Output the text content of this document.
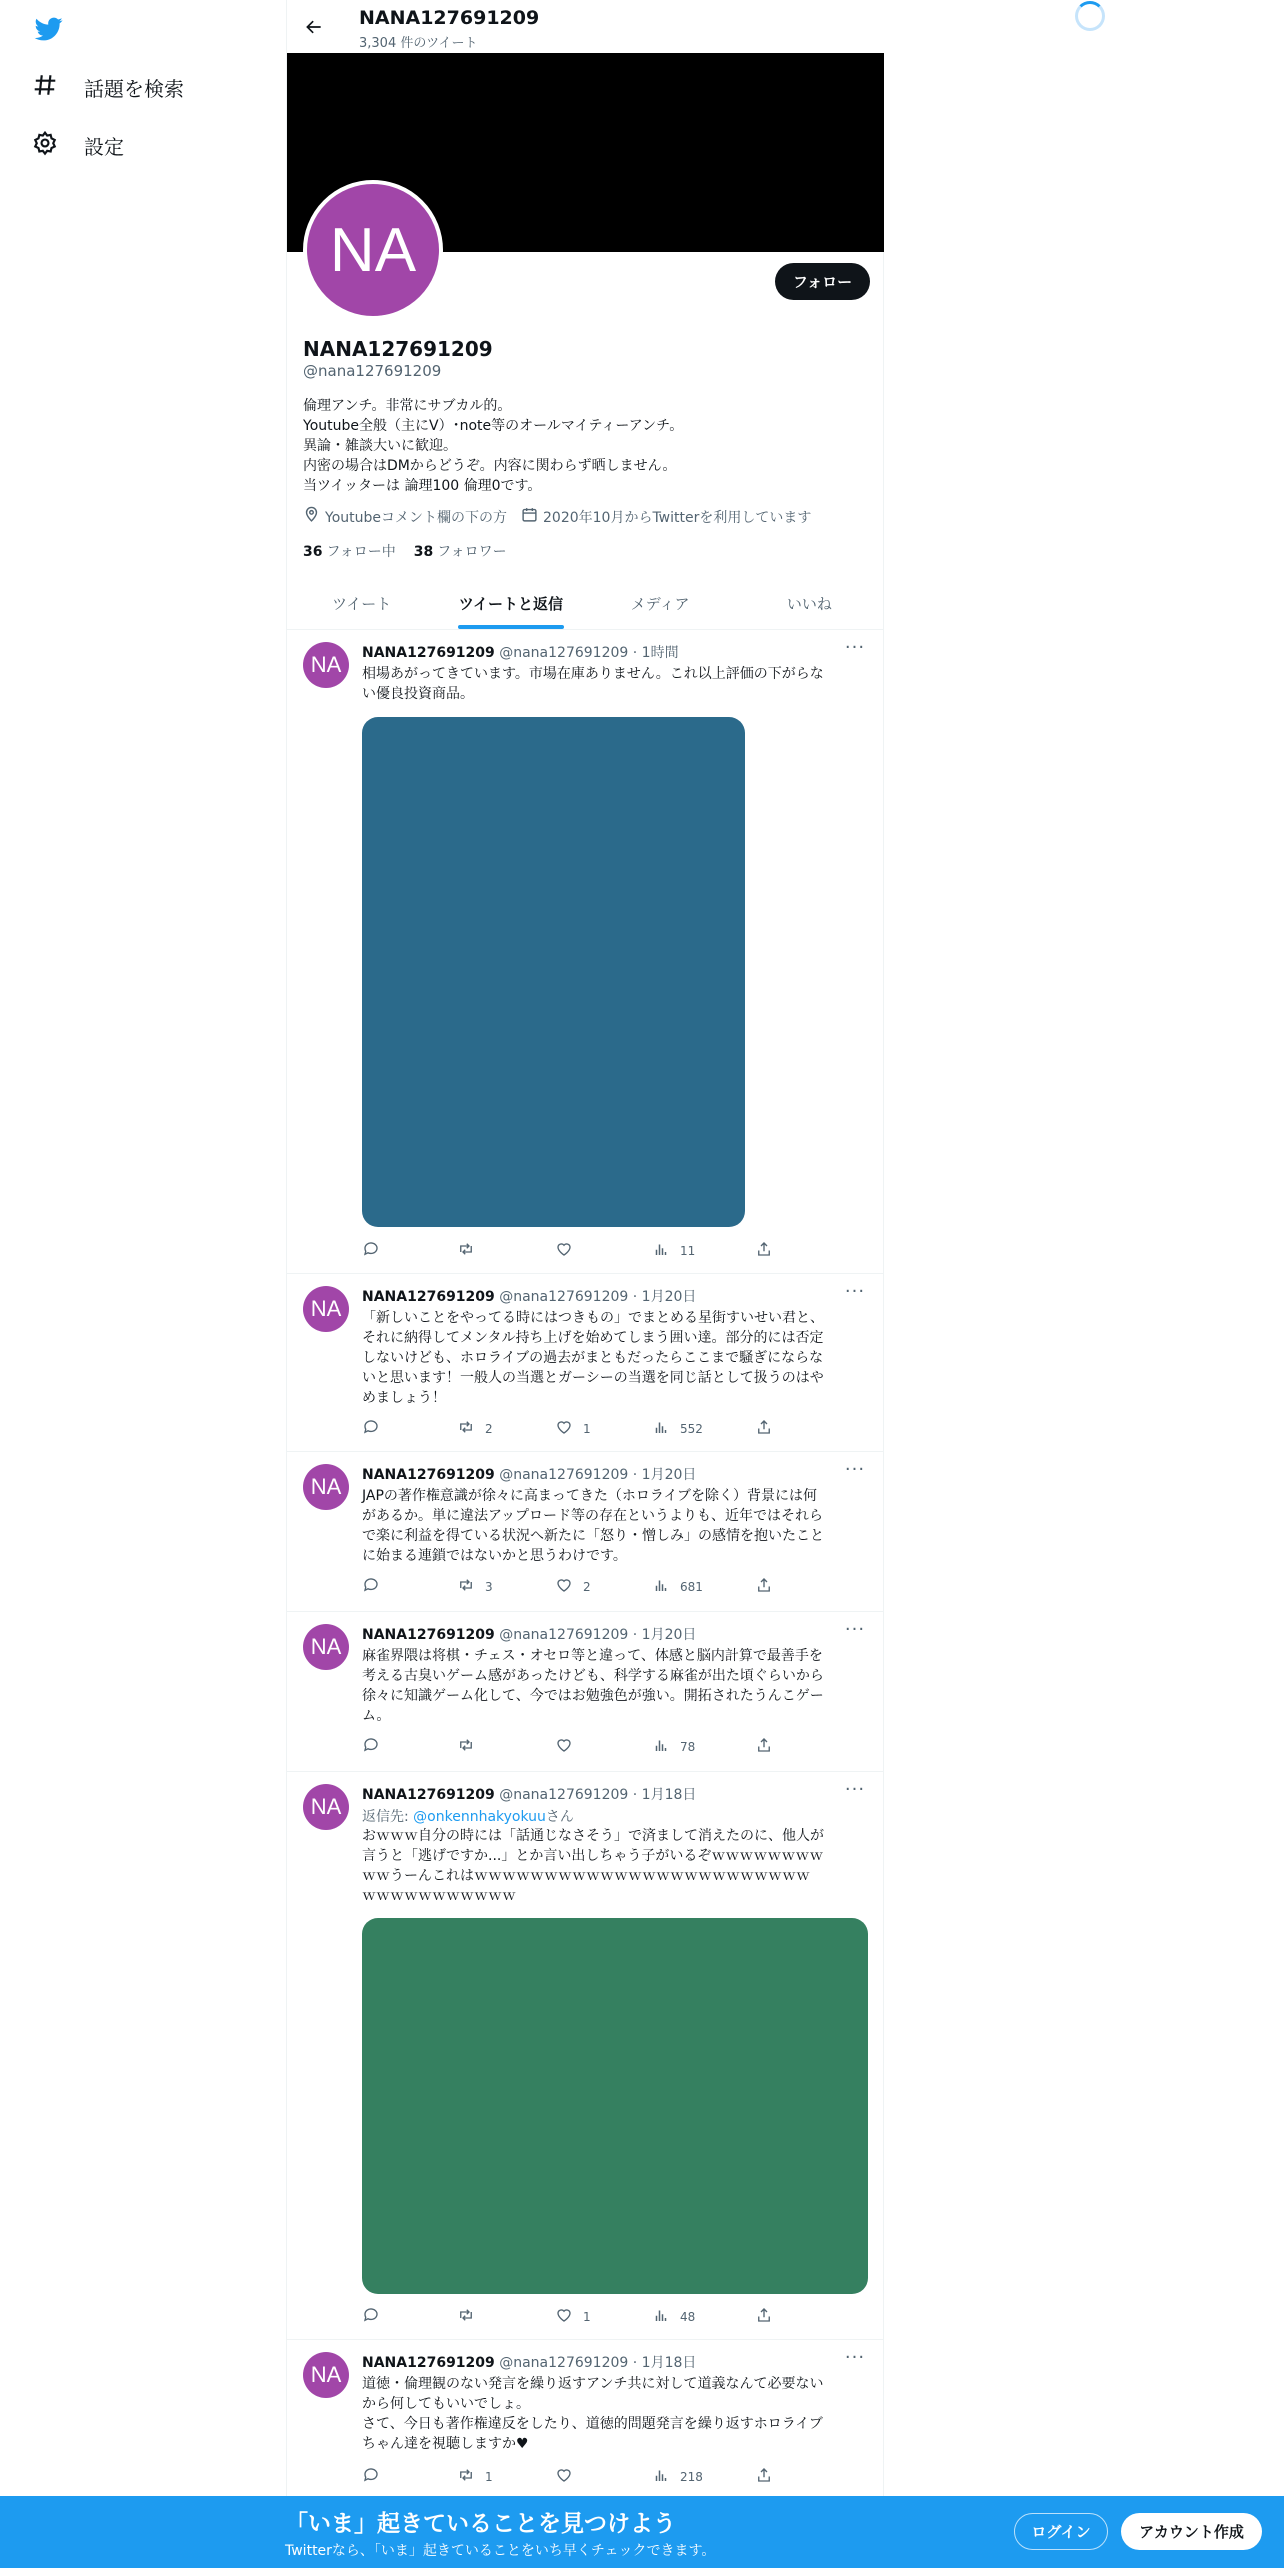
話題を検索
設定
NANA127691209
3,304 件のツイート
NA	フォロー
NANA127691209
@nana127691209
倫理アンチ。非常にサブカル的。
Youtube全般（主にV）･note等のオールマイティーアンチ。
異論・雑談大いに歓迎。
内密の場合はDMからどうぞ。内容に関わらず晒しません。
当ツイッターは 論理100 倫理0です。
Youtubeコメント欄の下の方	2020年10月からTwitterを利用しています
36 フォロー中 38 フォロワー
ツイート	ツイートと返信	メディア	いいね
NA	NANA127691209 @nana127691209 · 1時間	···
相場あがってきています。市場在庫ありません。これ以上評価の下がらな
い優良投資商品。
11
NA	NANA127691209 @nana127691209 · 1月20日	···
「新しいことをやってる時にはつきもの」でまとめる星街すいせい君と、
それに納得してメンタル持ち上げを始めてしまう囲い達。部分的には否定
しないけども、ホロライブの過去がまともだったらここまで騒ぎにならな
いと思います！一般人の当選とガーシーの当選を同じ話として扱うのはや
めましょう！
2	1	552
NA	NANA127691209 @nana127691209 · 1月20日	···
JAPの著作権意識が徐々に高まってきた（ホロライブを除く）背景には何
があるか。単に違法アップロード等の存在というよりも、近年ではそれら
で楽に利益を得ている状況へ新たに「怒り・憎しみ」の感情を抱いたこと
に始まる連鎖ではないかと思うわけです。
3	2	681
NA	NANA127691209 @nana127691209 · 1月20日	···
麻雀界隈は将棋・チェス・オセロ等と違って、体感と脳内計算で最善手を
考える古臭いゲーム感があったけども、科学する麻雀が出た頃ぐらいから
徐々に知識ゲーム化して、今ではお勉強色が強い。開拓されたうんこゲー
ム。
78
NA	NANA127691209 @nana127691209 · 1月18日	···
返信先: @onkennhakyokuuさん
おｗｗｗ自分の時には「話通じなさそう」で済まして消えたのに、他人が
言うと「逃げですか...」とか言い出しちゃう子がいるぞｗｗｗｗｗｗｗｗ
ｗｗうーんこれはｗｗｗｗｗｗｗｗｗｗｗｗｗｗｗｗｗｗｗｗｗｗｗｗ
ｗｗｗｗｗｗｗｗｗｗｗ
1	48
NA	NANA127691209 @nana127691209 · 1月18日	···
道徳・倫理観のない発言を繰り返すアンチ共に対して道義なんて必要ない
から何してもいいでしょ。
さて、今日も著作権違反をしたり、道徳的問題発言を繰り返すホロライブ
ちゃん達を視聴しますか♥
1	218
「いま」起きていることを見つけよう
Twitterなら、「いま」起きていることをいち早くチェックできます。
ログイン	アカウント作成
